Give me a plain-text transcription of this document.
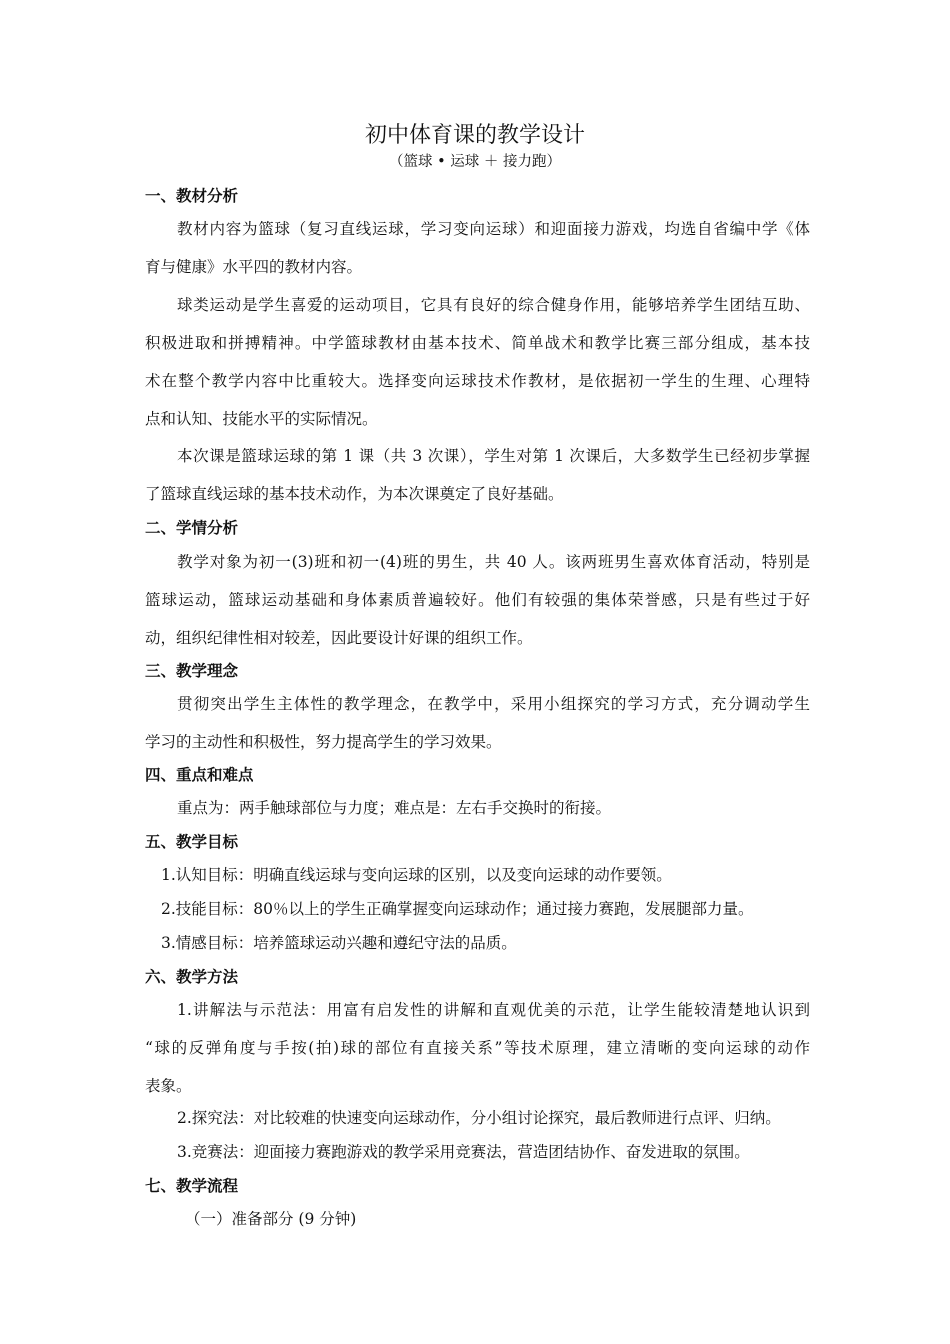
初中体育课的教学设计
（篮球 • 运球 ＋ 接力跑）
一、教材分析
教材内容为篮球（复习直线运球，学习变向运球）和迎面接力游戏，均选自省编中学《体
育与健康》水平四的教材内容。
球类运动是学生喜爱的运动项目，它具有良好的综合健身作用，能够培养学生团结互助、
积极进取和拼搏精神。中学篮球教材由基本技术、简单战术和教学比赛三部分组成，基本技
术在整个教学内容中比重较大。选择变向运球技术作教材，是依据初一学生的生理、心理特
点和认知、技能水平的实际情况。
本次课是篮球运球的第 1 课（共 3 次课），学生对第 1 次课后，大多数学生已经初步掌握
了篮球直线运球的基本技术动作，为本次课奠定了良好基础。
二、学情分析
教学对象为初一(3)班和初一(4)班的男生，共 40 人。该两班男生喜欢体育活动，特别是
篮球运动，篮球运动基础和身体素质普遍较好。他们有较强的集体荣誉感，只是有些过于好
动，组织纪律性相对较差，因此要设计好课的组织工作。
三、教学理念
贯彻突出学生主体性的教学理念，在教学中，采用小组探究的学习方式，充分调动学生
学习的主动性和积极性，努力提高学生的学习效果。
四、重点和难点
重点为：两手触球部位与力度；难点是：左右手交换时的衔接。
五、教学目标
1.认知目标：明确直线运球与变向运球的区别，以及变向运球的动作要领。
2.技能目标：80％以上的学生正确掌握变向运球动作；通过接力赛跑，发展腿部力量。
3.情感目标：培养篮球运动兴趣和遵纪守法的品质。
六、教学方法
1.讲解法与示范法：用富有启发性的讲解和直观优美的示范，让学生能较清楚地认识到
“球的反弹角度与手按(拍)球的部位有直接关系”等技术原理，建立清晰的变向运球的动作
表象。
2.探究法：对比较难的快速变向运球动作，分小组讨论探究，最后教师进行点评、归纳。
3.竞赛法：迎面接力赛跑游戏的教学采用竞赛法，营造团结协作、奋发进取的氛围。
七、教学流程
（一）准备部分 (9 分钟)
